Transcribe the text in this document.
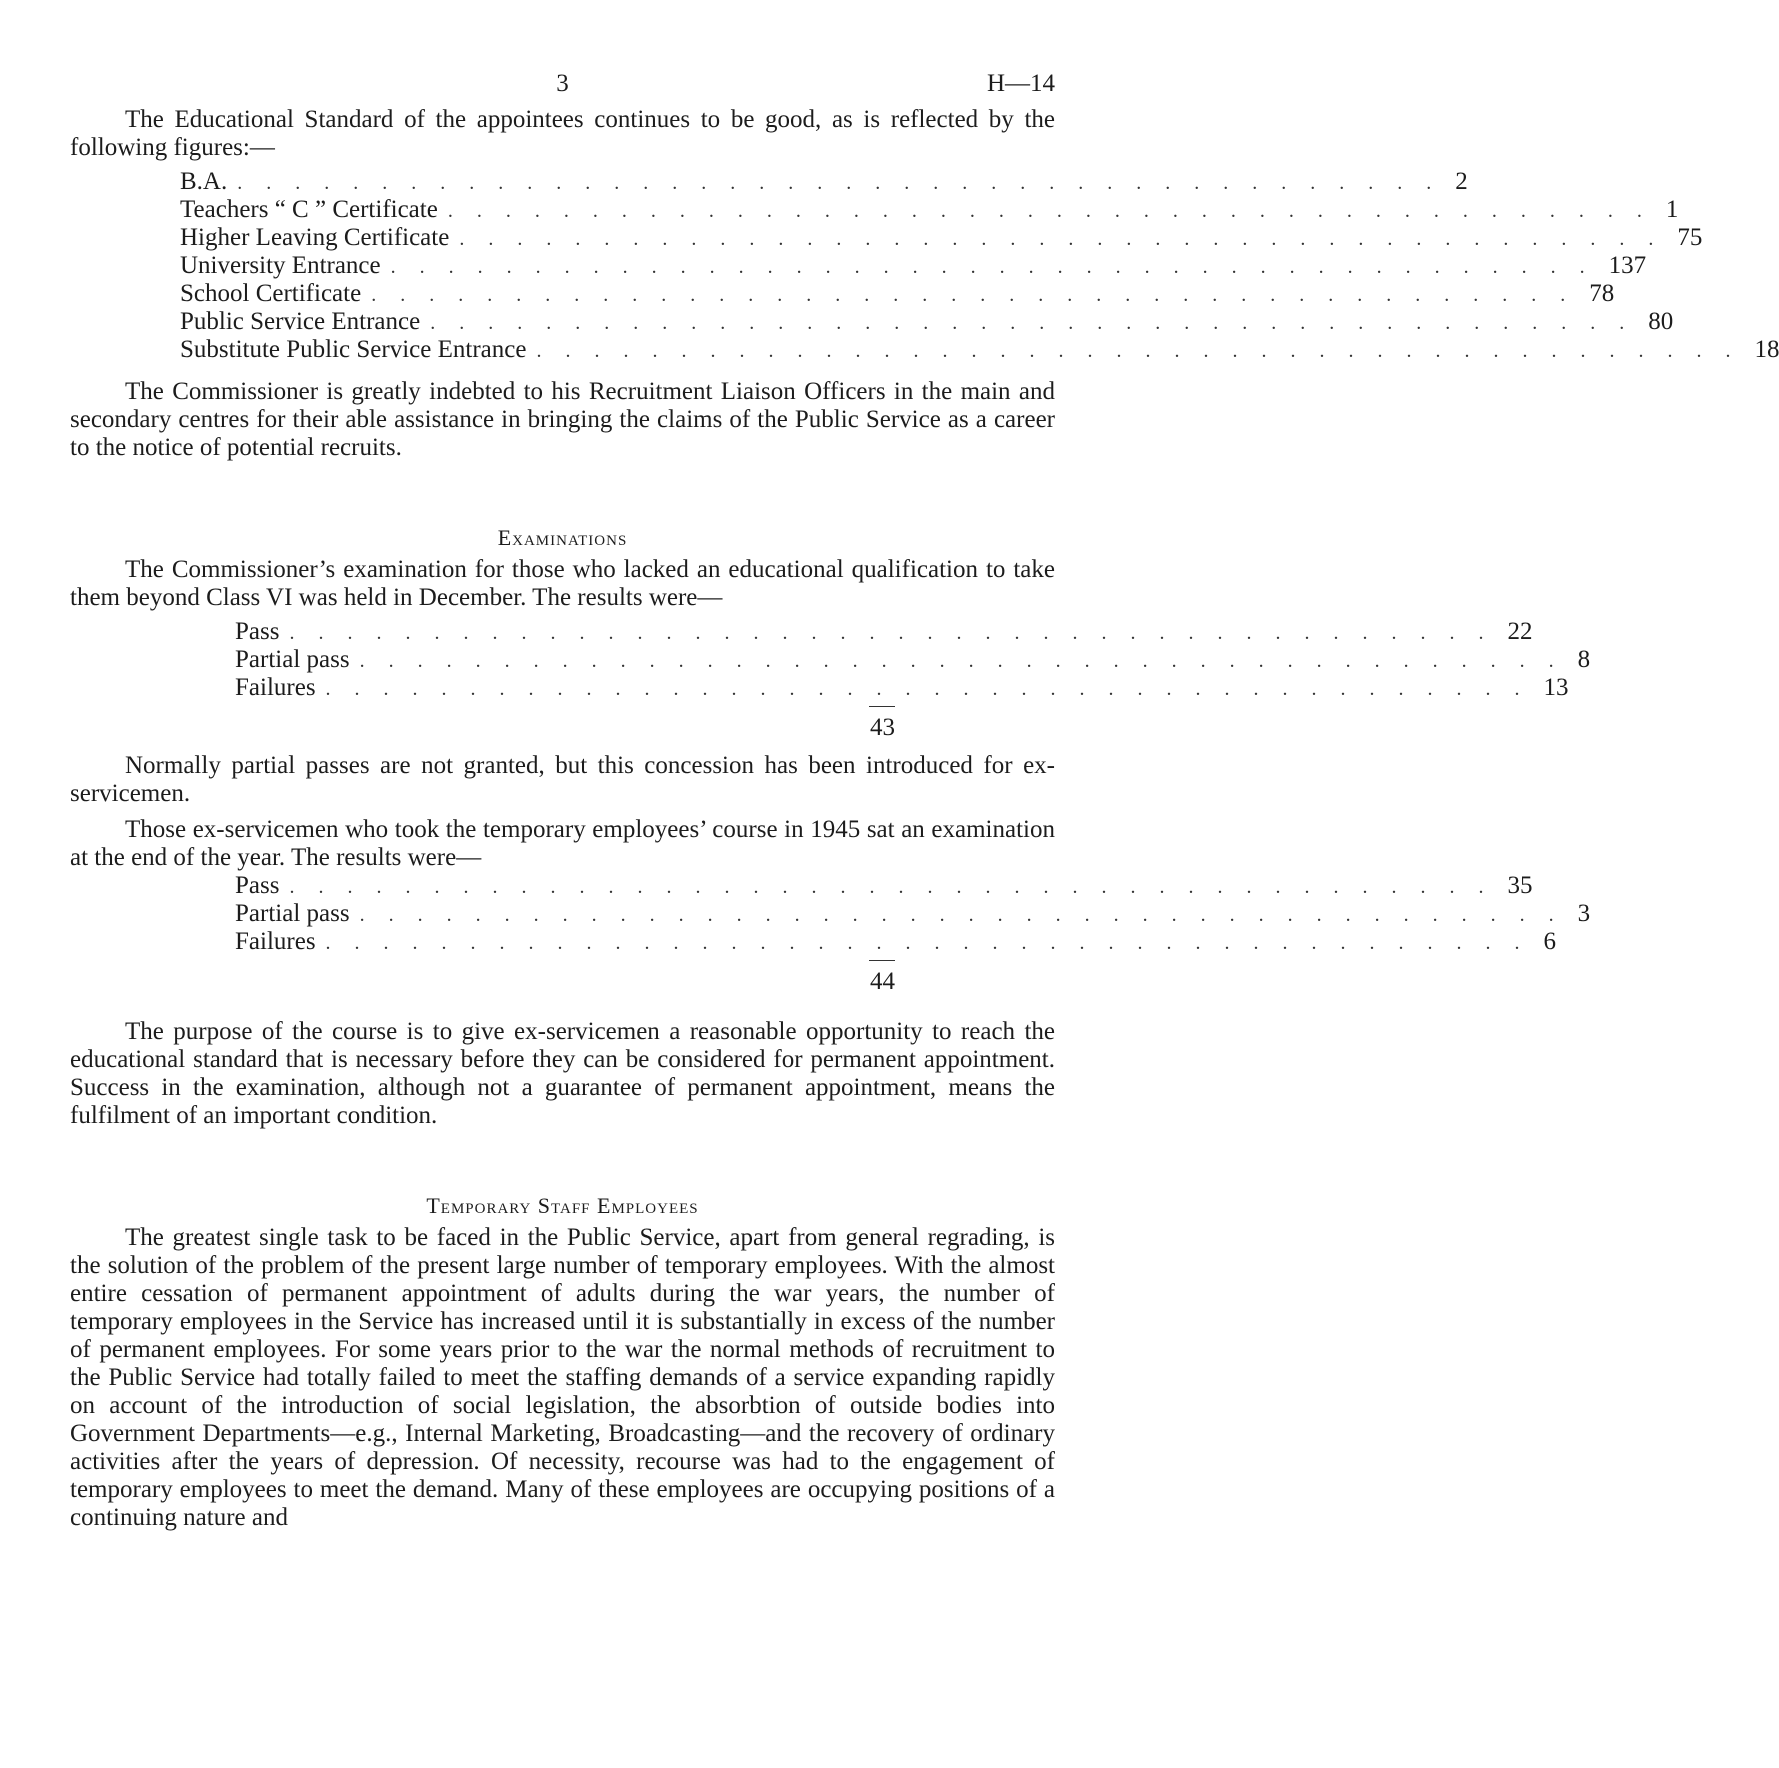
3	H—14

The Educational Standard of the appointees continues to be good, as is reflected by the following figures:—

B.A. .......................................... 2
Teachers “ C ” Certificate .......................................... 1
Higher Leaving Certificate .......................................... 75
University Entrance .......................................... 137
School Certificate .......................................... 78
Public Service Entrance .......................................... 80
Substitute Public Service Entrance .......................................... 18

The Commissioner is greatly indebted to his Recruitment Liaison Officers in the main and secondary centres for their able assistance in bringing the claims of the Public Service as a career to the notice of potential recruits.

Examinations

The Commissioner’s examination for those who lacked an educational qualification to take them beyond Class VI was held in December. The results were—

Pass .......................................... 22
Partial pass .......................................... 8
Failures .......................................... 13
43

Normally partial passes are not granted, but this concession has been introduced for ex-servicemen.

Those ex-servicemen who took the temporary employees’ course in 1945 sat an examination at the end of the year. The results were—

Pass .......................................... 35
Partial pass .......................................... 3
Failures .......................................... 6
44

The purpose of the course is to give ex-servicemen a reasonable opportunity to reach the educational standard that is necessary before they can be considered for permanent appointment. Success in the examination, although not a guarantee of permanent appointment, means the fulfilment of an important condition.

Temporary Staff Employees

The greatest single task to be faced in the Public Service, apart from general regrading, is the solution of the problem of the present large number of temporary employees. With the almost entire cessation of permanent appointment of adults during the war years, the number of temporary employees in the Service has increased until it is substantially in excess of the number of permanent employees. For some years prior to the war the normal methods of recruitment to the Public Service had totally failed to meet the staffing demands of a service expanding rapidly on account of the introduction of social legislation, the absorbtion of outside bodies into Government Departments—e.g., Internal Marketing, Broadcasting—and the recovery of ordinary activities after the years of depression. Of necessity, recourse was had to the engagement of temporary employees to meet the demand. Many of these employees are occupying positions of a continuing nature and
